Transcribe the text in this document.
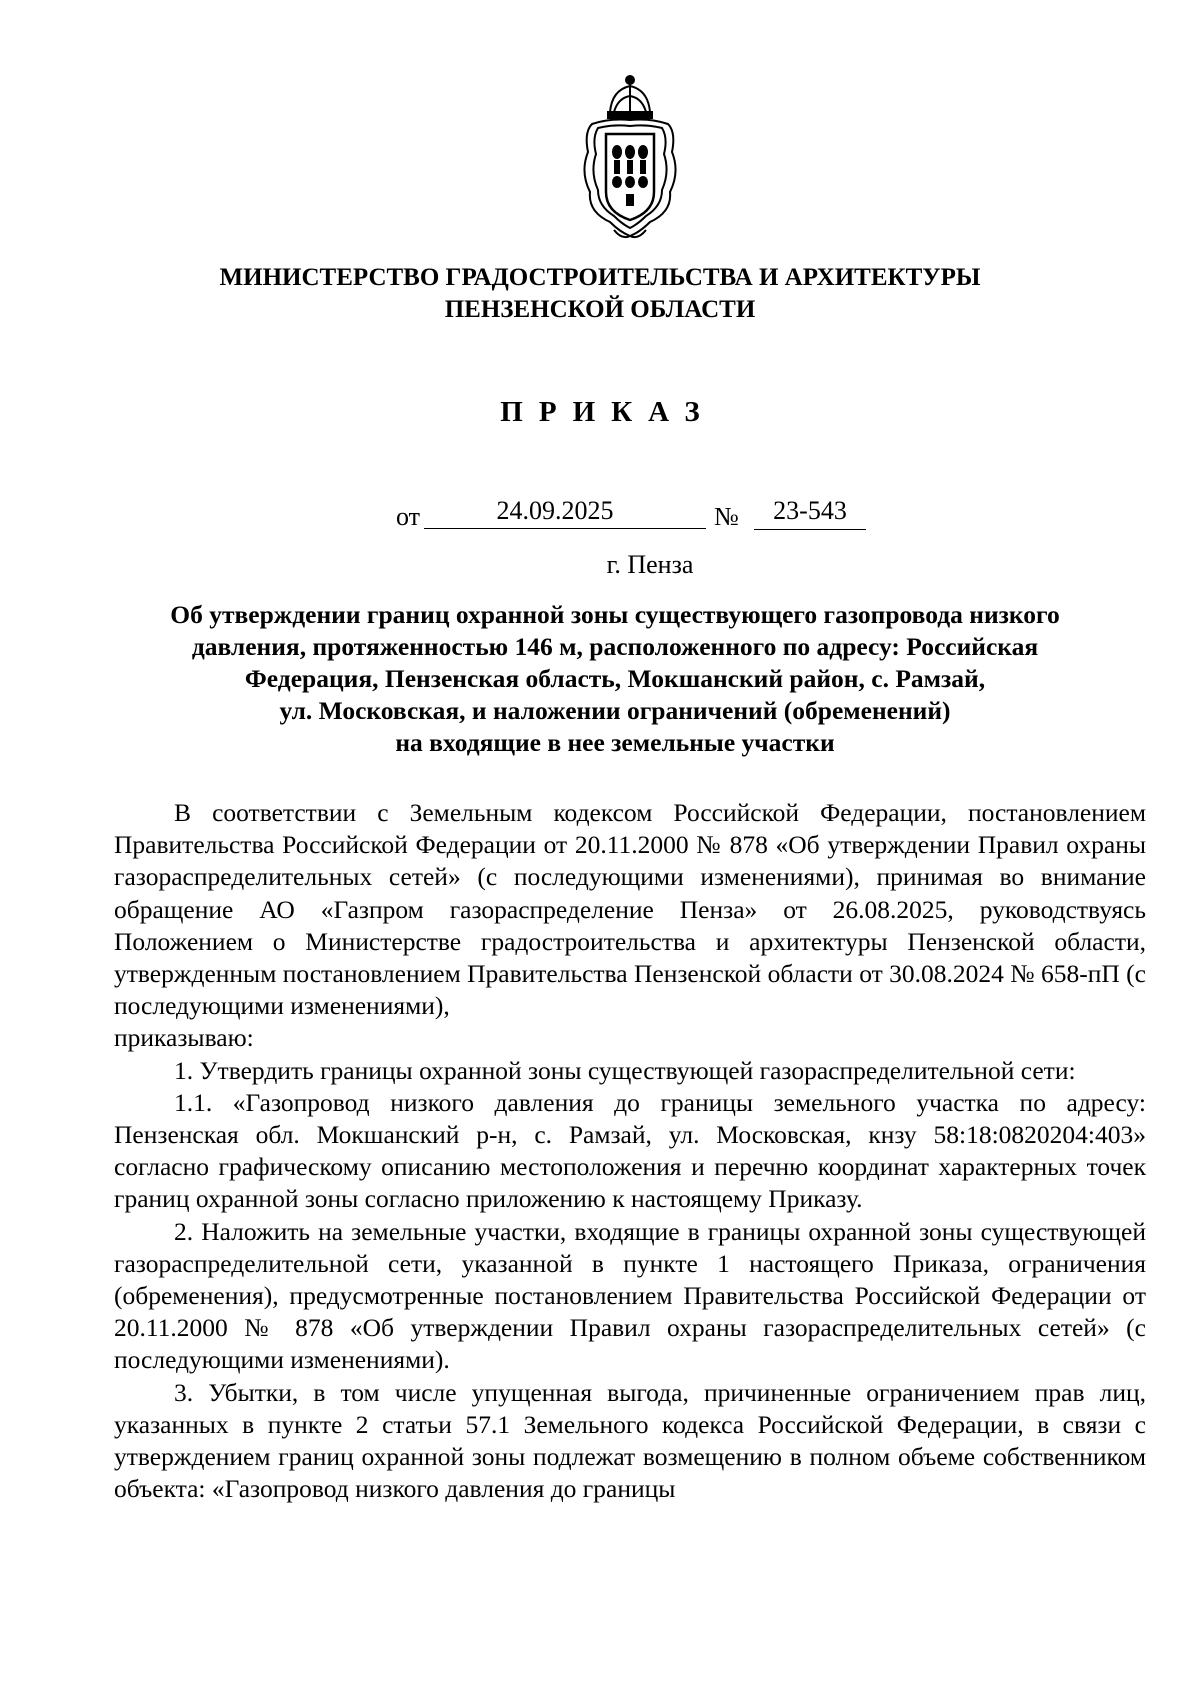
МИНИСТЕРСТВО ГРАДОСТРОИТЕЛЬСТВА И АРХИТЕКТУРЫ
ПЕНЗЕНСКОЙ ОБЛАСТИ
ПРИКАЗ
от	24.09.2025	№	23-543
г. Пенза
Об утверждении границ охранной зоны существующего газопровода низкого
давления, протяженностью 146 м, расположенного по адресу: Российская
Федерация, Пензенская область, Мокшанский район, с. Рамзай,
ул. Московская, и наложении ограничений (обременений)
на входящие в нее земельные участки

В соответствии с Земельным кодексом Российской Федерации, постановлением Правительства Российской Федерации от 20.11.2000 № 878 «Об утверждении Правил охраны газораспределительных сетей» (с последующими изменениями), принимая во внимание обращение АО «Газпром газораспределение Пенза» от 26.08.2025, руководствуясь Положением о Министерстве градостроительства и архитектуры Пензенской области, утвержденным постановлением Правительства Пензенской области от 30.08.2024 № 658-пП (с последующими изменениями),

приказываю:

1. Утвердить границы охранной зоны существующей газораспределительной сети:

1.1. «Газопровод низкого давления до границы земельного участка по адресу: Пензенская обл. Мокшанский р-н, с. Рамзай, ул. Московская, кнзу 58:18:0820204:403» согласно графическому описанию местоположения и перечню координат характерных точек границ охранной зоны согласно приложению к настоящему Приказу.

2. Наложить на земельные участки, входящие в границы охранной зоны существующей газораспределительной сети, указанной в пункте 1 настоящего Приказа, ограничения (обременения), предусмотренные постановлением Правительства Российской Федерации от 20.11.2000 № 878 «Об утверждении Правил охраны газораспределительных сетей» (с последующими изменениями).

3. Убытки, в том числе упущенная выгода, причиненные ограничением прав лиц, указанных в пункте 2 статьи 57.1 Земельного кодекса Российской Федерации, в связи с утверждением границ охранной зоны подлежат возмещению в полном объеме собственником объекта: «Газопровод низкого давления до границы
